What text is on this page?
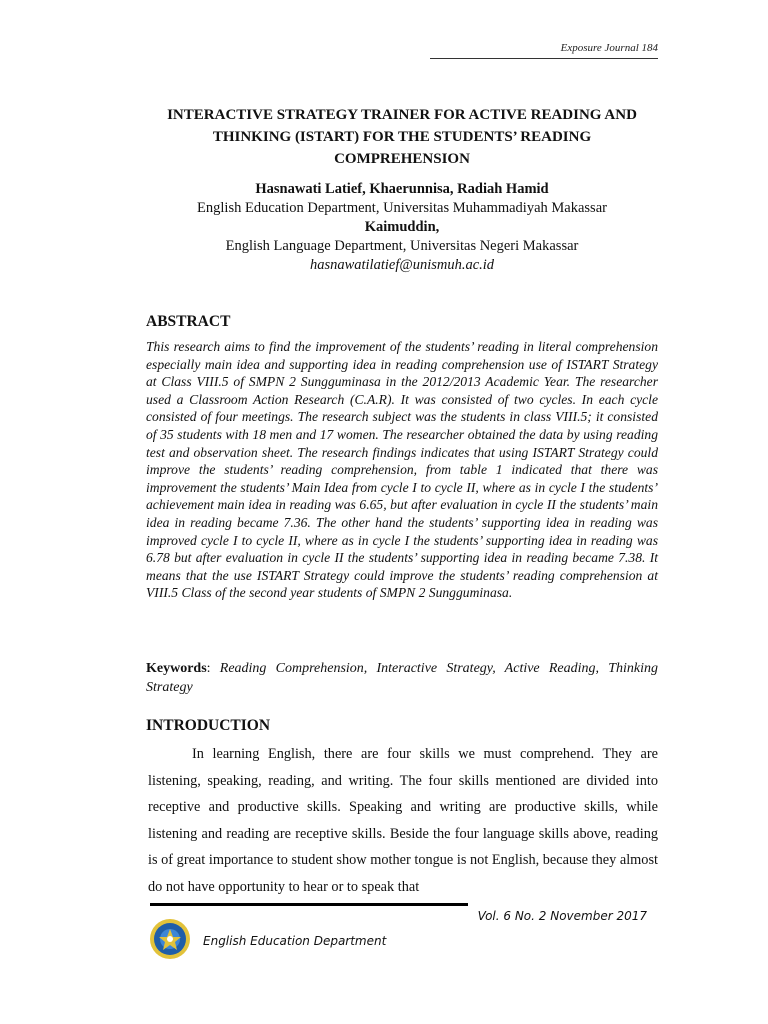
Exposure Journal 184
INTERACTIVE STRATEGY TRAINER FOR ACTIVE READING AND
THINKING (ISTART) FOR THE STUDENTS’ READING
COMPREHENSION
Hasnawati Latief, Khaerunnisa, Radiah Hamid
English Education Department, Universitas Muhammadiyah Makassar
Kaimuddin,
English Language Department, Universitas Negeri Makassar
hasnawatilatief@unismuh.ac.id
ABSTRACT

This research aims to find the improvement of the students’ reading in literal comprehension especially main idea and supporting idea in reading comprehension use of ISTART Strategy at Class VIII.5 of SMPN 2 Sungguminasa in the 2012/2013 Academic Year. The researcher used a Classroom Action Research (C.A.R). It was consisted of two cycles. In each cycle consisted of four meetings. The research subject was the students in class VIII.5; it consisted of 35 students with 18 men and 17 women. The researcher obtained the data by using reading test and observation sheet. The research findings indicates that using ISTART Strategy could improve the students’ reading comprehension, from table 1 indicated that there was improvement the students’ Main Idea from cycle I to cycle II, where as in cycle I the students’ achievement main idea in reading was 6.65, but after evaluation in cycle II the students’ main idea in reading became 7.36. The other hand the students’ supporting idea in reading was improved cycle I to cycle II, where as in cycle I the students’ supporting idea in reading was 6.78 but after evaluation in cycle II the students’ supporting idea in reading became 7.38. It means that the use ISTART Strategy could improve the students’ reading comprehension at VIII.5 Class of the second year students of SMPN 2 Sungguminasa.

Keywords: Reading Comprehension, Interactive Strategy, Active Reading, Thinking Strategy

INTRODUCTION

In learning English, there are four skills we must comprehend. They are listening, speaking, reading, and writing. The four skills mentioned are divided into receptive and productive skills. Speaking and writing are productive skills, while listening and reading are receptive skills. Beside the four language skills above, reading is of great importance to student show mother tongue is not English, because they almost do not have opportunity to hear or to speak that

Vol. 6 No. 2 November 2017
English Education Department
